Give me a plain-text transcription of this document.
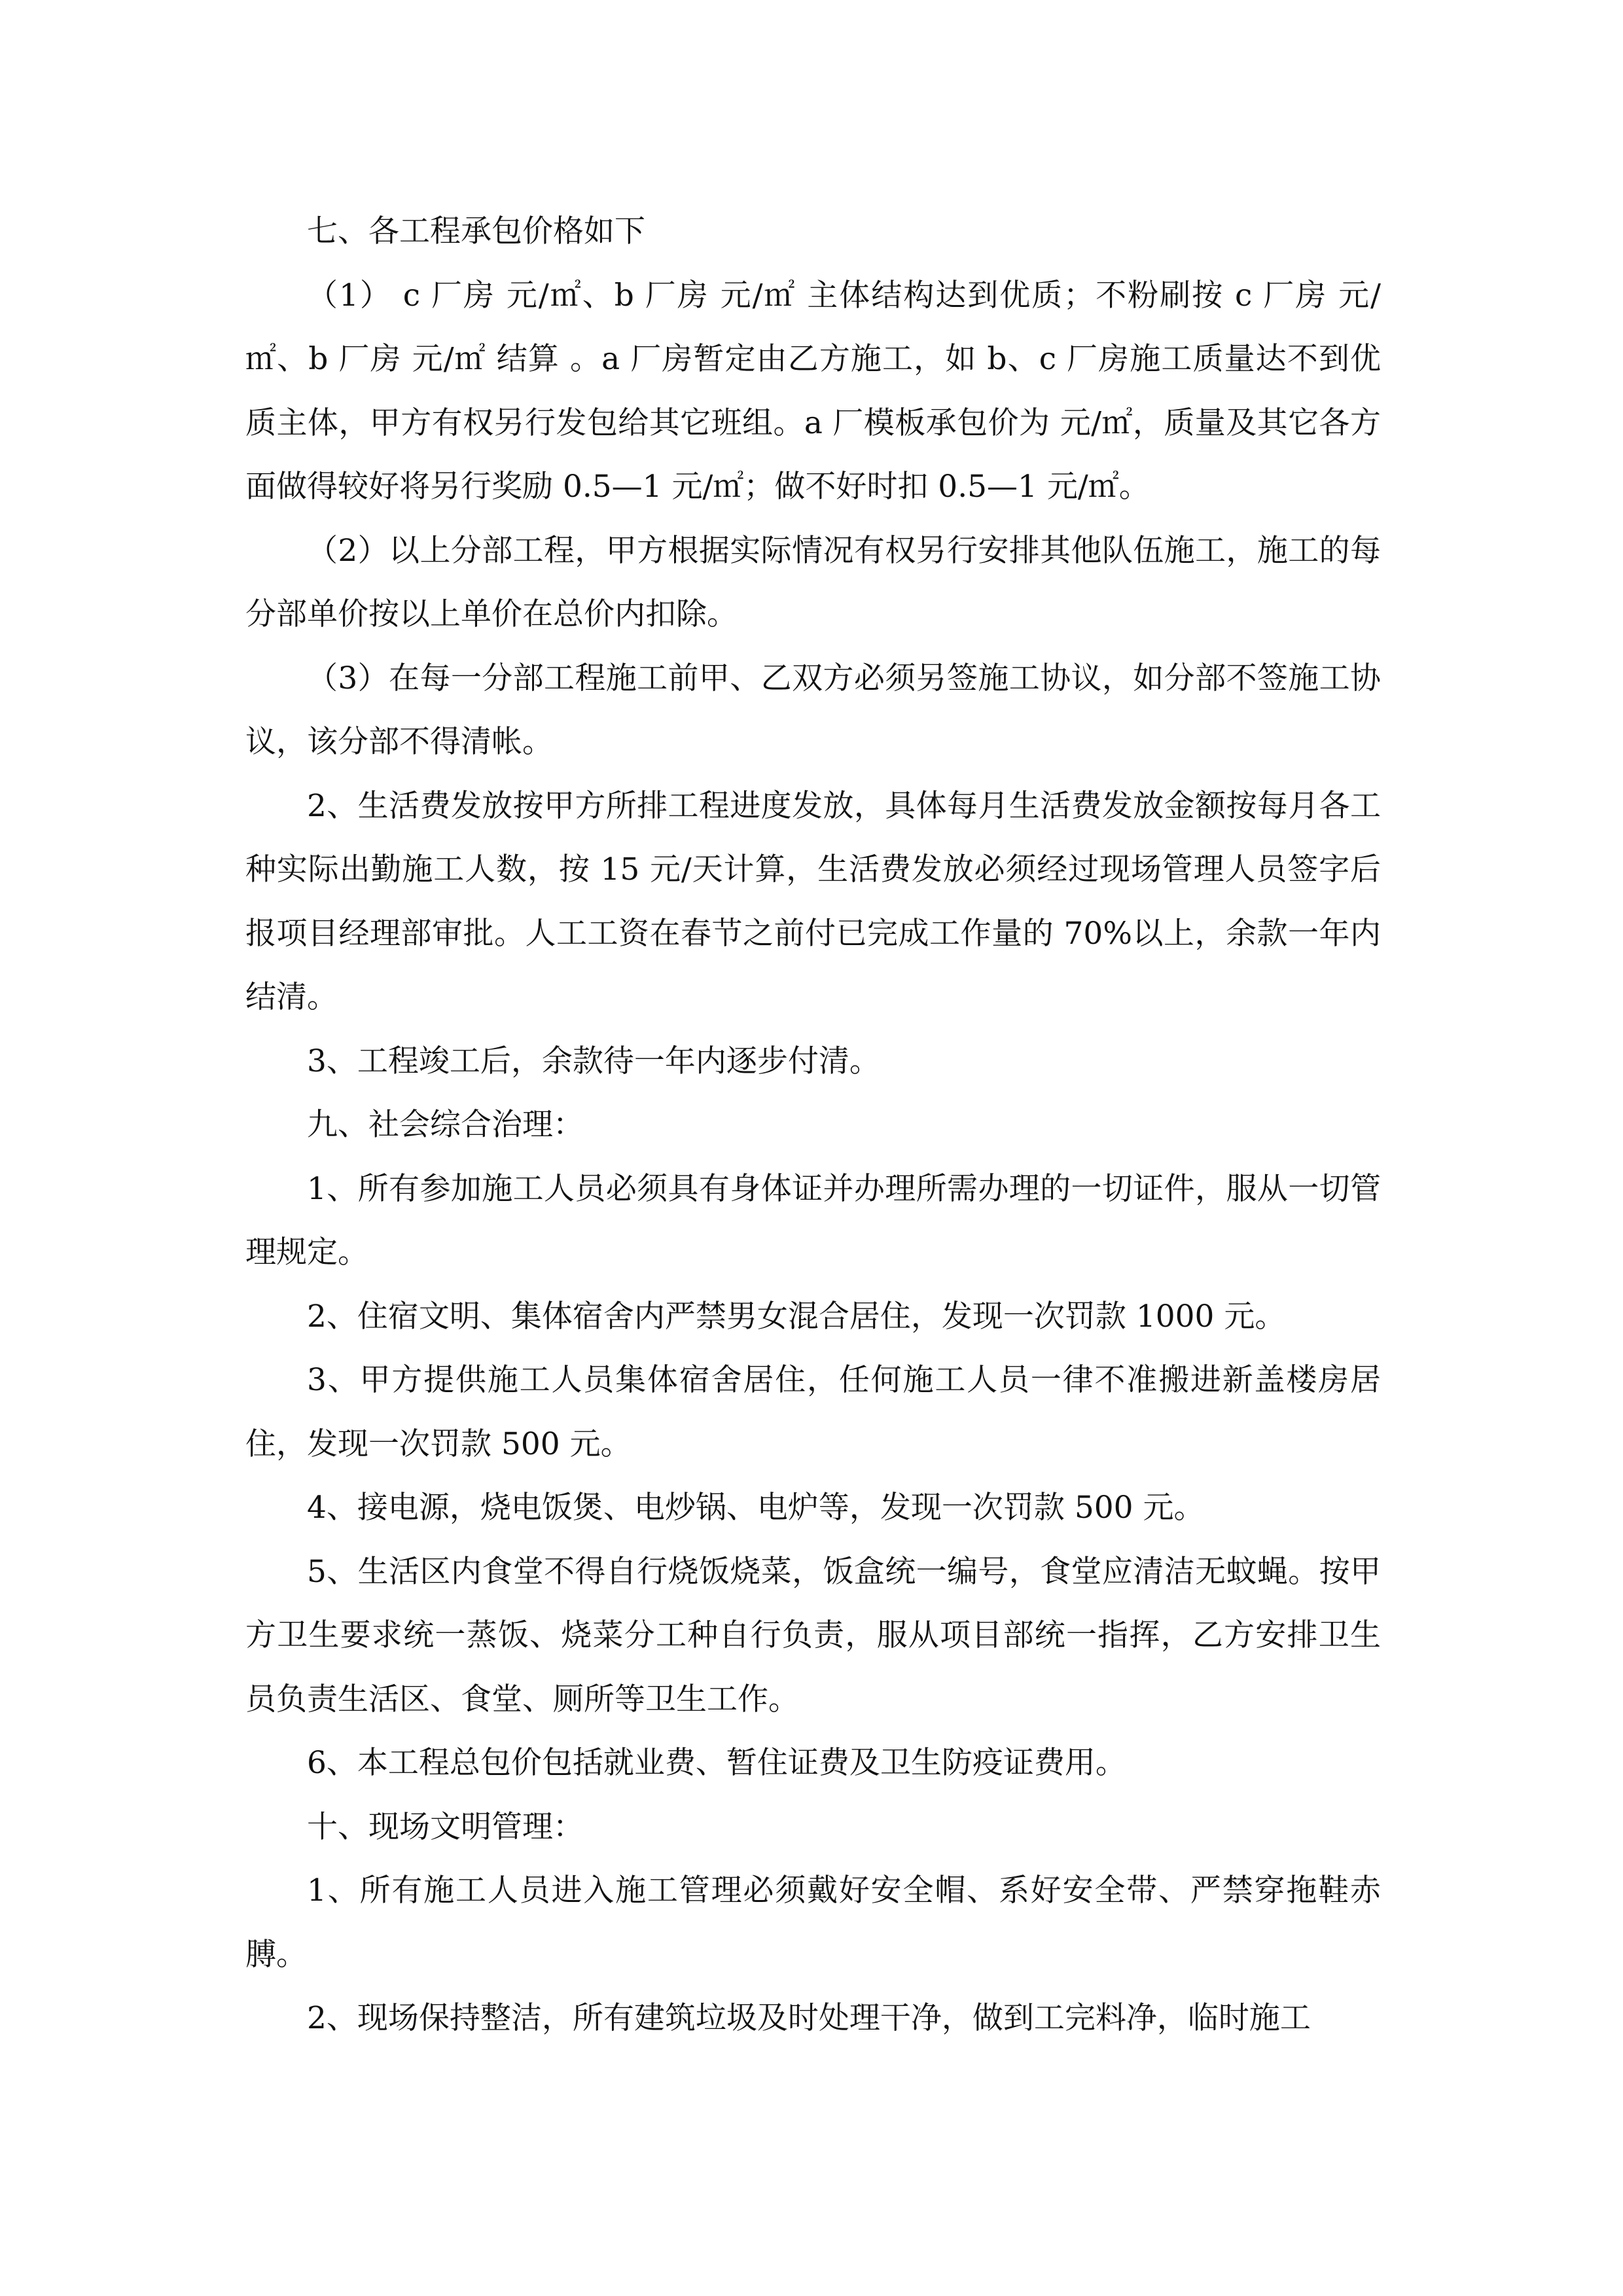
七、各工程承包价格如下

（1） c 厂房 元/㎡、b 厂房 元/㎡ 主体结构达到优质；不粉刷按 c 厂房 元/㎡、b 厂房 元/㎡ 结算 。a 厂房暂定由乙方施工，如 b、c 厂房施工质量达不到优质主体，甲方有权另行发包给其它班组。a 厂模板承包价为 元/㎡，质量及其它各方面做得较好将另行奖励 0.5—1 元/㎡；做不好时扣 0.5—1 元/㎡。

（2）以上分部工程，甲方根据实际情况有权另行安排其他队伍施工，施工的每分部单价按以上单价在总价内扣除。

（3）在每一分部工程施工前甲、乙双方必须另签施工协议，如分部不签施工协议，该分部不得清帐。

2、生活费发放按甲方所排工程进度发放，具体每月生活费发放金额按每月各工种实际出勤施工人数，按 15 元/天计算，生活费发放必须经过现场管理人员签字后报项目经理部审批。人工工资在春节之前付已完成工作量的 70%以上，余款一年内结清。

3、工程竣工后，余款待一年内逐步付清。

九、社会综合治理：

1、所有参加施工人员必须具有身体证并办理所需办理的一切证件，服从一切管理规定。

2、住宿文明、集体宿舍内严禁男女混合居住，发现一次罚款 1000 元。

3、甲方提供施工人员集体宿舍居住，任何施工人员一律不准搬进新盖楼房居住，发现一次罚款 500 元。

4、接电源，烧电饭煲、电炒锅、电炉等，发现一次罚款 500 元。

5、生活区内食堂不得自行烧饭烧菜，饭盒统一编号，食堂应清洁无蚊蝇。按甲方卫生要求统一蒸饭、烧菜分工种自行负责，服从项目部统一指挥，乙方安排卫生员负责生活区、食堂、厕所等卫生工作。

6、本工程总包价包括就业费、暂住证费及卫生防疫证费用。

十、现场文明管理：

1、所有施工人员进入施工管理必须戴好安全帽、系好安全带、严禁穿拖鞋赤膊。

2、现场保持整洁，所有建筑垃圾及时处理干净，做到工完料净，临时施工
